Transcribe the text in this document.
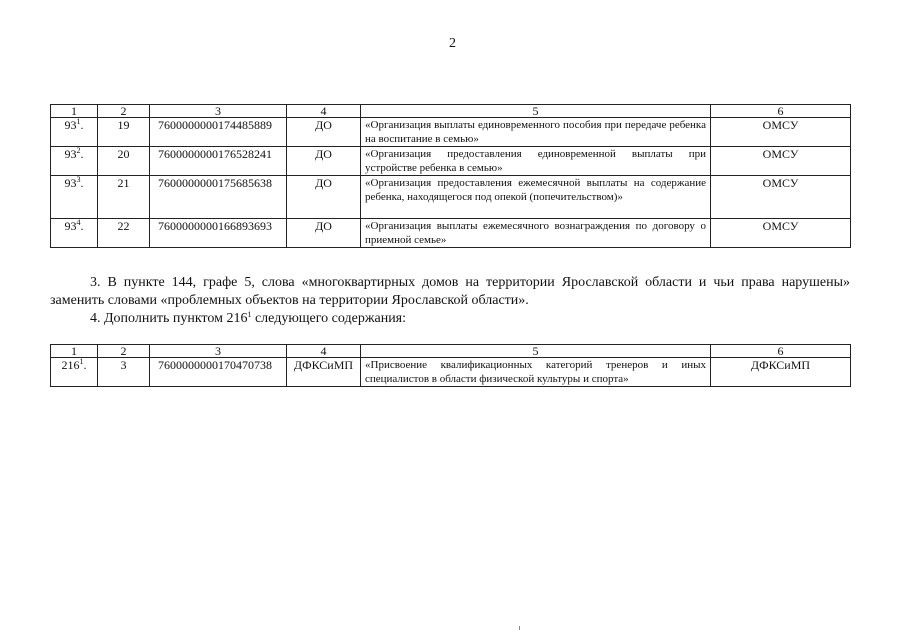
2
1	2	3	4	5	6
$93^1$.	19	7600000000174485889	ДО	«Организация выплаты единовременного пособия при передаче ребенка на воспитание в семью»	ОМСУ
$93^2$.	20	7600000000176528241	ДО	«Организация предоставления единовременной выплаты при устройстве ребенка в семью»	ОМСУ
$93^3$.	21	7600000000175685638	ДО	«Организация предоставления ежемесячной выплаты на содержание ребенка, находящегося под опекой (попечительством)»	ОМСУ
$93^4$.	22	7600000000166893693	ДО	«Организация выплаты ежемесячного вознаграждения по договору о приемной семье»	ОМСУ
3. В пункте 144, графе 5, слова «многоквартирных домов на территории Ярославской области и чьи права нарушены» заменить словами «проблемных объектов на территории Ярославской области».
4. Дополнить пунктом $216^1$ следующего содержания:
1	2	3	4	5	6
$216^1$.	3	7600000000170470738	ДФКСиМП	«Присвоение квалификационных категорий тренеров и иных специалистов в области физической культуры и спорта»	ДФКСиМП
